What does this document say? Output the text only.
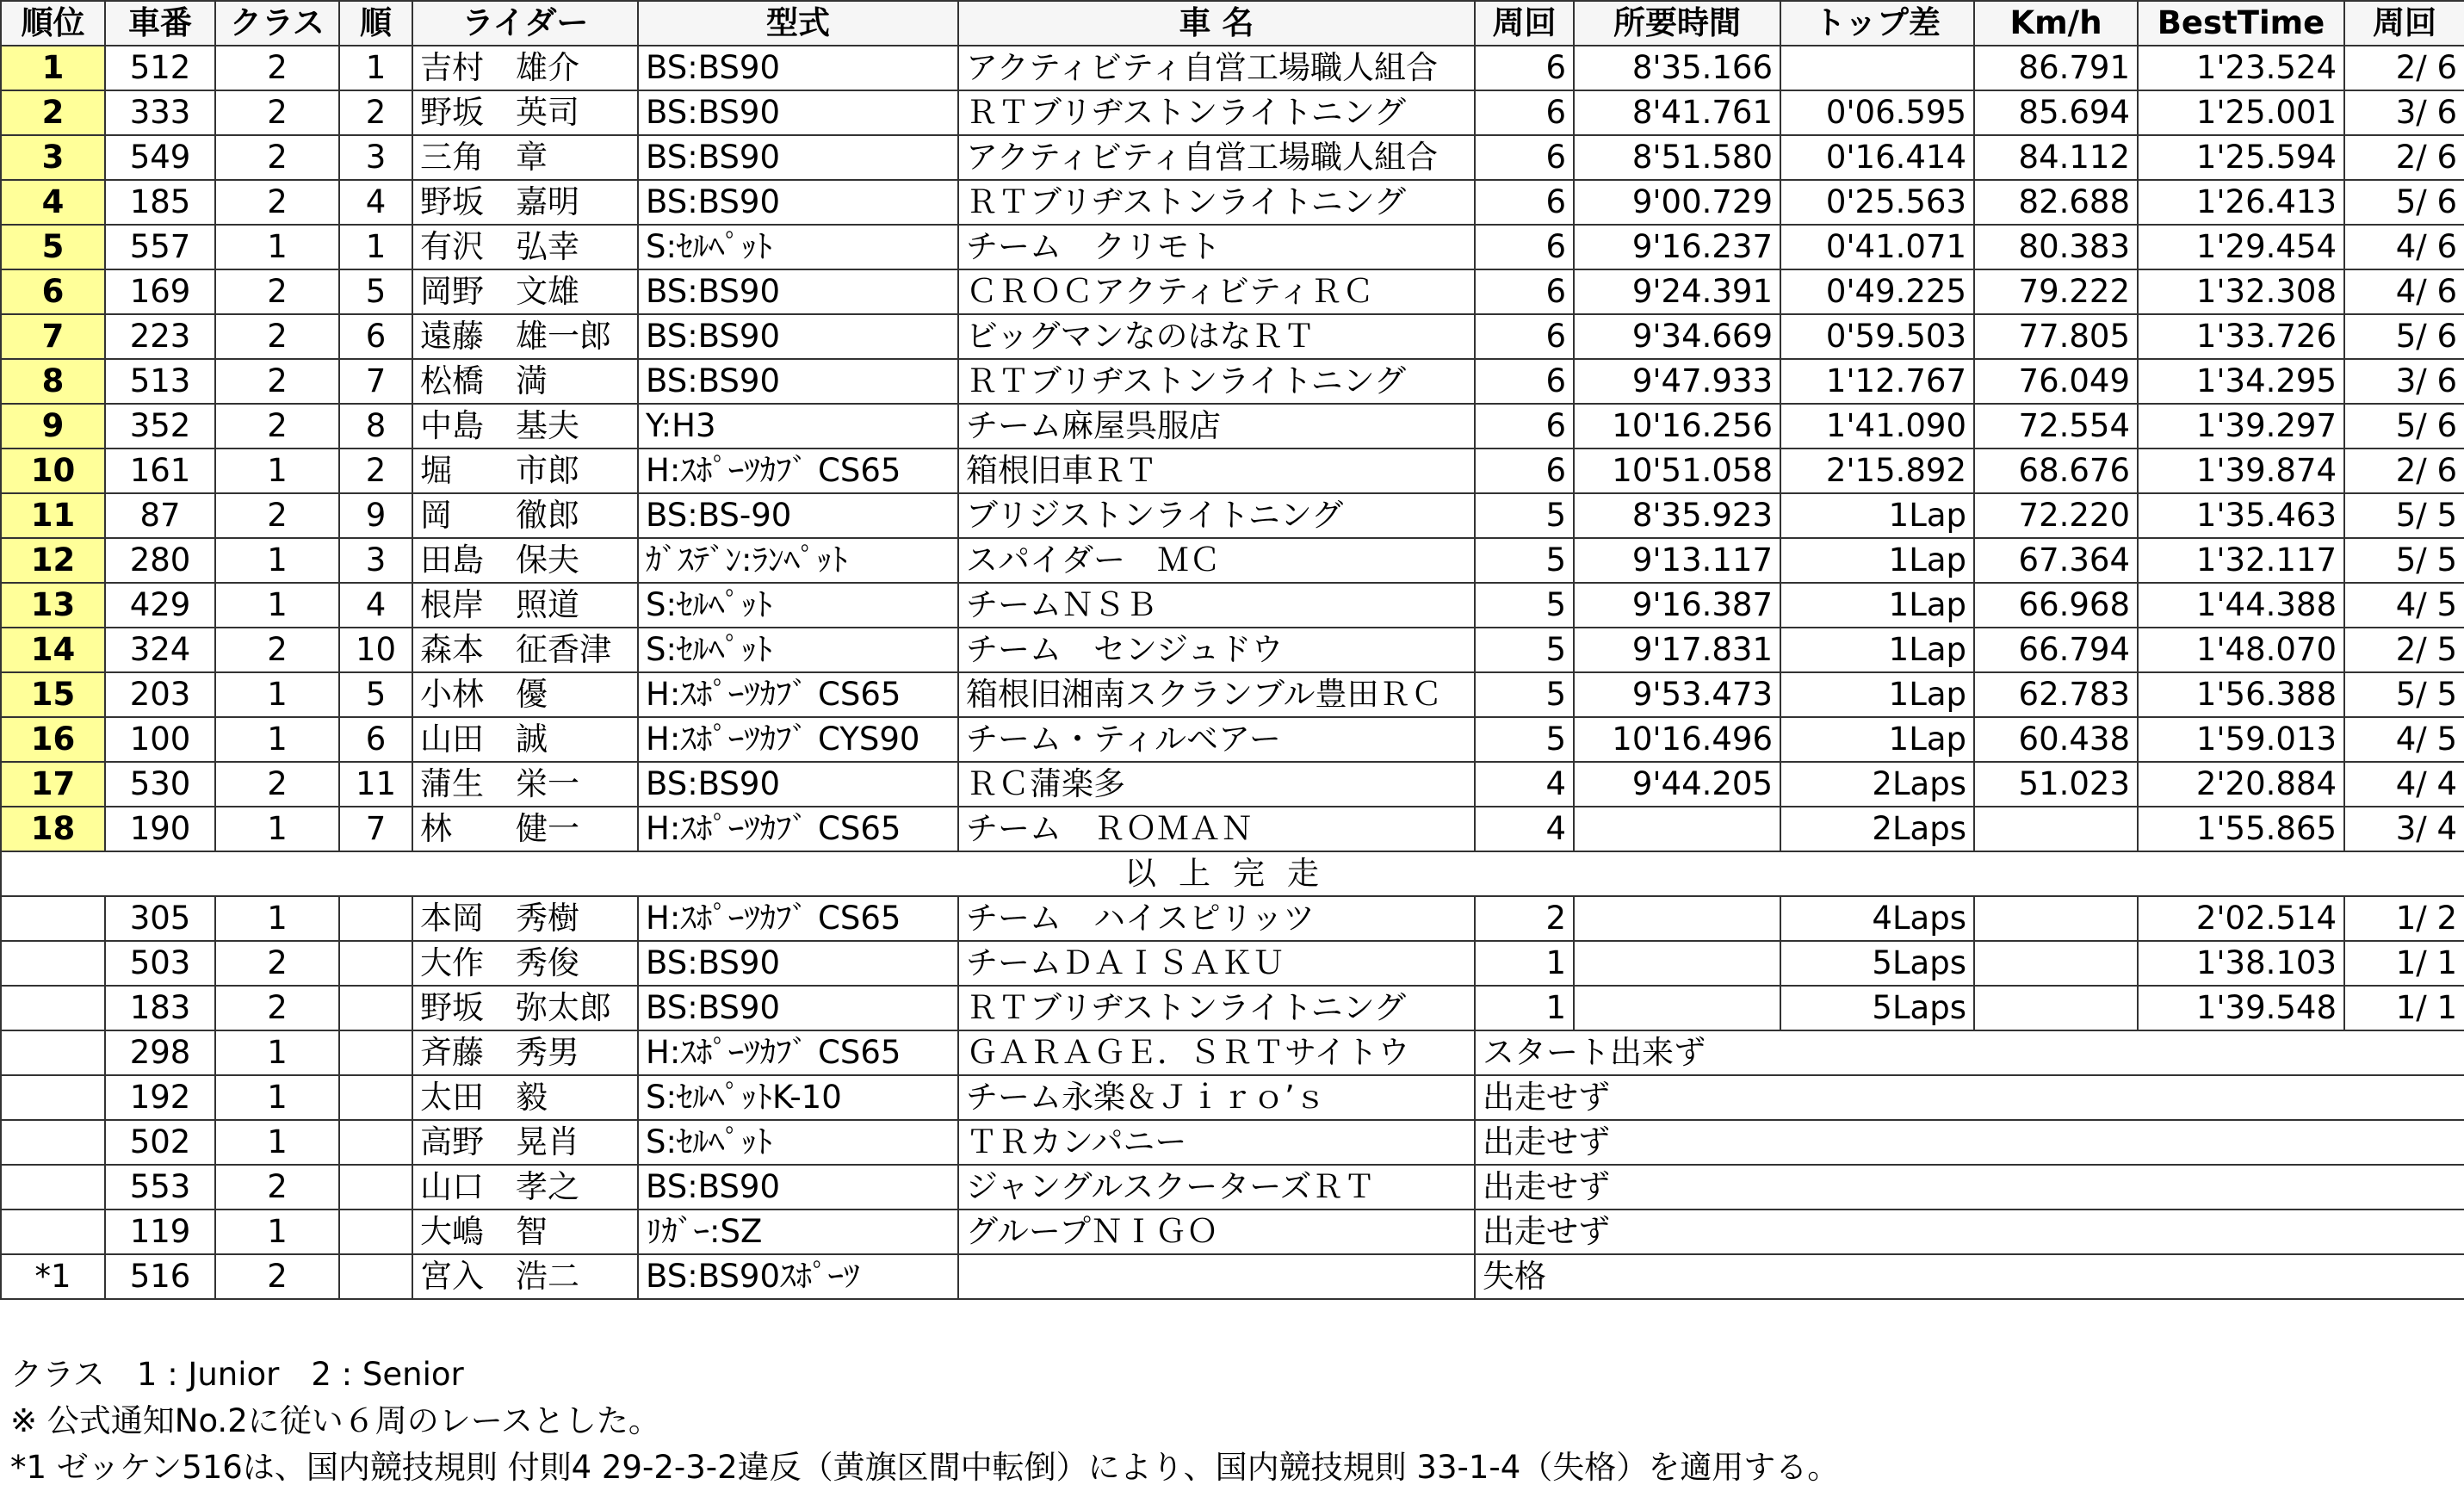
順位	車番	クラス	順	ライダー	型式	車 名	周回	所要時間	トップ差	Km/h	BestTime	周回
1	512	2	1	吉村　雄介	BS:BS90	アクティビティ自営工場職人組合	6	8'35.166		86.791	1'23.524	2/ 6
2	333	2	2	野坂　英司	BS:BS90	ＲＴブリヂストンライトニング	6	8'41.761	0'06.595	85.694	1'25.001	3/ 6
3	549	2	3	三角　章	BS:BS90	アクティビティ自営工場職人組合	6	8'51.580	0'16.414	84.112	1'25.594	2/ 6
4	185	2	4	野坂　嘉明	BS:BS90	ＲＴブリヂストンライトニング	6	9'00.729	0'25.563	82.688	1'26.413	5/ 6
5	557	1	1	有沢　弘幸	S:ｾﾙﾍﾟｯﾄ	チーム　クリモト	6	9'16.237	0'41.071	80.383	1'29.454	4/ 6
6	169	2	5	岡野　文雄	BS:BS90	ＣＲＯＣアクティビティＲＣ	6	9'24.391	0'49.225	79.222	1'32.308	4/ 6
7	223	2	6	遠藤　雄一郎	BS:BS90	ビッグマンなのはなＲＴ	6	9'34.669	0'59.503	77.805	1'33.726	5/ 6
8	513	2	7	松橋　満	BS:BS90	ＲＴブリヂストンライトニング	6	9'47.933	1'12.767	76.049	1'34.295	3/ 6
9	352	2	8	中島　基夫	Y:H3	チーム麻屋呉服店	6	10'16.256	1'41.090	72.554	1'39.297	5/ 6
10	161	1	2	堀　　市郎	H:ｽﾎﾟｰﾂｶﾌﾞ CS65	箱根旧車ＲＴ	6	10'51.058	2'15.892	68.676	1'39.874	2/ 6
11	87	2	9	岡　　徹郎	BS:BS-90	ブリジストンライトニング	5	8'35.923	1Lap	72.220	1'35.463	5/ 5
12	280	1	3	田島　保夫	ｶﾞｽﾃﾞﾝ:ﾗﾝﾍﾟｯﾄ	スパイダー　ＭＣ	5	9'13.117	1Lap	67.364	1'32.117	5/ 5
13	429	1	4	根岸　照道	S:ｾﾙﾍﾟｯﾄ	チームＮＳＢ	5	9'16.387	1Lap	66.968	1'44.388	4/ 5
14	324	2	10	森本　征香津	S:ｾﾙﾍﾟｯﾄ	チーム　センジュドウ	5	9'17.831	1Lap	66.794	1'48.070	2/ 5
15	203	1	5	小林　優	H:ｽﾎﾟｰﾂｶﾌﾞ CS65	箱根旧湘南スクランブル豊田ＲＣ	5	9'53.473	1Lap	62.783	1'56.388	5/ 5
16	100	1	6	山田　誠	H:ｽﾎﾟｰﾂｶﾌﾞ CYS90	チーム・ティルベアー	5	10'16.496	1Lap	60.438	1'59.013	4/ 5
17	530	2	11	蒲生　栄一	BS:BS90	ＲＣ蒲楽多	4	9'44.205	2Laps	51.023	2'20.884	4/ 4
18	190	1	7	林　　健一	H:ｽﾎﾟｰﾂｶﾌﾞ CS65	チーム　ＲＯＭＡＮ	4		2Laps		1'55.865	3/ 4
以上完走												
	305	1		本岡　秀樹	H:ｽﾎﾟｰﾂｶﾌﾞ CS65	チーム　ハイスピリッツ	2		4Laps		2'02.514	1/ 2
	503	2		大作　秀俊	BS:BS90	チームＤＡＩＳＡＫＵ	1		5Laps		1'38.103	1/ 1
	183	2		野坂　弥太郎	BS:BS90	ＲＴブリヂストンライトニング	1		5Laps		1'39.548	1/ 1
	298	1		斉藤　秀男	H:ｽﾎﾟｰﾂｶﾌﾞ CS65	ＧＡＲＡＧＥ．ＳＲＴサイトウ	スタート出来ず					
	192	1		太田　毅	S:ｾﾙﾍﾟｯﾄK-10	チーム永楽＆Ｊｉｒｏ’ｓ	出走せず					
	502	1		高野　晃肖	S:ｾﾙﾍﾟｯﾄ	ＴＲカンパニー	出走せず					
	553	2		山口　孝之	BS:BS90	ジャングルスクーターズＲＴ	出走せず					
	119	1		大嶋　智	ﾘｶﾞｰ:SZ	グループＮＩＧＯ	出走せず					
*1	516	2		宮入　浩二	BS:BS90ｽﾎﾟｰﾂ		失格					
クラス　1 : Junior　2 : Senior
※ 公式通知No.2に従い６周のレースとした。
*1 ゼッケン516は、国内競技規則 付則4 29-2-3-2違反（黄旗区間中転倒）により、国内競技規則 33-1-4（失格）を適用する。
